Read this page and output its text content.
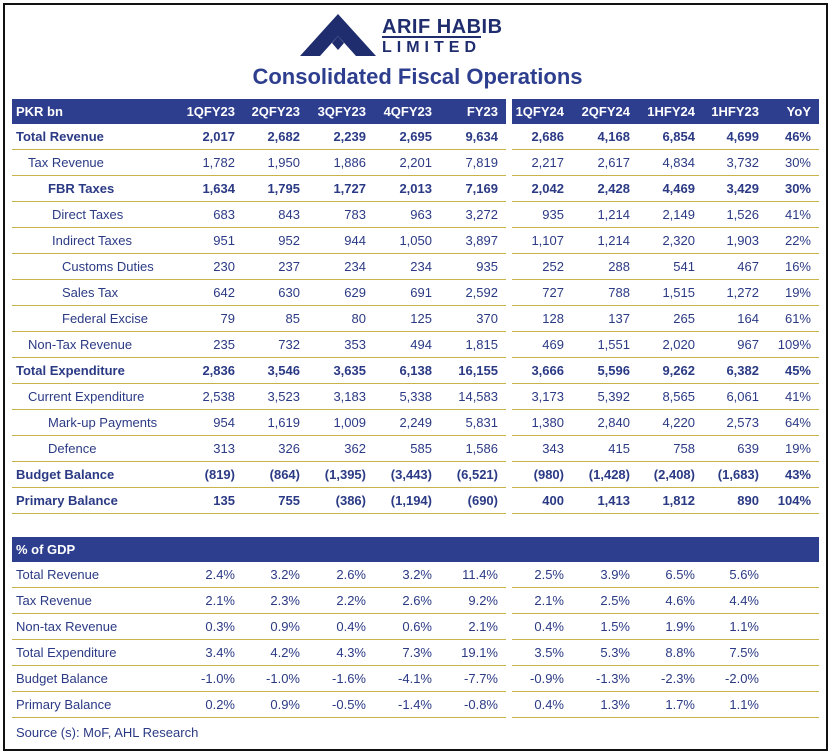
ARIF HABIB
LIMITED
Consolidated Fiscal Operations
PKR bn	1QFY23	2QFY23	3QFY23	4QFY23	FY23		1QFY24	2QFY24	1HFY24	1HFY23	YoY
Total Revenue	2,017	2,682	2,239	2,695	9,634		2,686	4,168	6,854	4,699	46%
Tax Revenue	1,782	1,950	1,886	2,201	7,819		2,217	2,617	4,834	3,732	30%
FBR Taxes	1,634	1,795	1,727	2,013	7,169		2,042	2,428	4,469	3,429	30%
Direct Taxes	683	843	783	963	3,272		935	1,214	2,149	1,526	41%
Indirect Taxes	951	952	944	1,050	3,897		1,107	1,214	2,320	1,903	22%
Customs Duties	230	237	234	234	935		252	288	541	467	16%
Sales Tax	642	630	629	691	2,592		727	788	1,515	1,272	19%
Federal Excise	79	85	80	125	370		128	137	265	164	61%
Non-Tax Revenue	235	732	353	494	1,815		469	1,551	2,020	967	109%
Total Expenditure	2,836	3,546	3,635	6,138	16,155		3,666	5,596	9,262	6,382	45%
Current Expenditure	2,538	3,523	3,183	5,338	14,583		3,173	5,392	8,565	6,061	41%
Mark-up Payments	954	1,619	1,009	2,249	5,831		1,380	2,840	4,220	2,573	64%
Defence	313	326	362	585	1,586		343	415	758	639	19%
Budget Balance	(819)	(864)	(1,395)	(3,443)	(6,521)		(980)	(1,428)	(2,408)	(1,683)	43%
Primary Balance	135	755	(386)	(1,194)	(690)		400	1,413	1,812	890	104%
% of GDP											
Total Revenue	2.4%	3.2%	2.6%	3.2%	11.4%		2.5%	3.9%	6.5%	5.6%	
Tax Revenue	2.1%	2.3%	2.2%	2.6%	9.2%		2.1%	2.5%	4.6%	4.4%	
Non-tax Revenue	0.3%	0.9%	0.4%	0.6%	2.1%		0.4%	1.5%	1.9%	1.1%	
Total Expenditure	3.4%	4.2%	4.3%	7.3%	19.1%		3.5%	5.3%	8.8%	7.5%	
Budget Balance	-1.0%	-1.0%	-1.6%	-4.1%	-7.7%		-0.9%	-1.3%	-2.3%	-2.0%	
Primary Balance	0.2%	0.9%	-0.5%	-1.4%	-0.8%		0.4%	1.3%	1.7%	1.1%	
Source (s): MoF, AHL Research
